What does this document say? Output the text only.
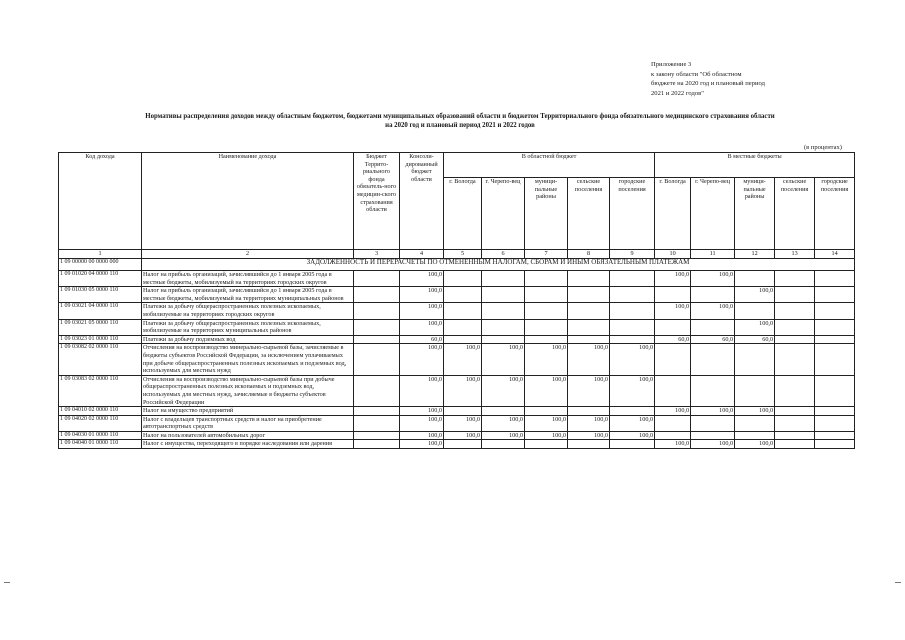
Приложение 3
к закону области "Об областном
бюджете на 2020 год и плановый период
2021 и 2022 годов"
Нормативы распределения доходов между областным бюджетом, бюджетами муниципальных образований области и бюджетом Территориального фонда обязательного медицинского страхования области
на 2020 год и плановый период 2021 и 2022 годов
(в процентах)
Код дохода	Наименование дохода	Бюджет Террито-риального фонда обязатель-ного медицин-ского страхования области	Консоли-дированный бюджет области	В областной бюджет					В местные бюджеты				
				г. Вологда	г. Черепо-вец	муници-пальные районы	сельские поселения	городские поселения	г. Вологда	г. Черепо-вец	муници-пальные районы	сельские поселения	городские поселения
1	2	3	4	5	6	7	8	9	10	11	12	13	14
1 09 00000 00 0000 000	ЗАДОЛЖЕННОСТЬ И ПЕРЕРАСЧЕТЫ ПО ОТМЕНЕННЫМ НАЛОГАМ, СБОРАМ И ИНЫМ ОБЯЗАТЕЛЬНЫМ ПЛАТЕЖАМ												
1 09 01020 04 0000 110	Налог на прибыль организаций, зачислявшийся до 1 января 2005 года в местные бюджеты, мобилизуемый на территориях городских округов		100,0						100,0	100,0			
1 09 01030 05 0000 110	Налог на прибыль организаций, зачислявшийся до 1 января 2005 года в местные бюджеты, мобилизуемый на территориях муниципальных районов		100,0								100,0		
1 09 03021 04 0000 110	Платежи за добычу общераспространенных полезных ископаемых, мобилизуемые на территориях городских округов		100,0						100,0	100,0			
1 09 03021 05 0000 110	Платежи за добычу общераспространенных полезных ископаемых, мобилизуемые на территориях муниципальных районов		100,0								100,0		
1 09 03023 01 0000 110	Платежи за добычу подземных вод		60,0						60,0	60,0	60,0		
1 09 03082 02 0000 110	Отчисления на воспроизводство минерально-сырьевой базы, зачисляемые в бюджеты субъектов Российской Федерации, за исключением уплачиваемых при добыче общераспространенных полезных ископаемых и подземных вод, используемых для местных нужд		100,0	100,0	100,0	100,0	100,0	100,0					
1 09 03083 02 0000 110	Отчисления на воспроизводство минерально-сырьевой базы при добыче общераспространенных полезных ископаемых и подземных вод, используемых для местных нужд, зачисляемые в бюджеты субъектов Российской Федерации		100,0	100,0	100,0	100,0	100,0	100,0					
1 09 04010 02 0000 110	Налог на имущество предприятий		100,0						100,0	100,0	100,0		
1 09 04020 02 0000 110	Налог с владельцев транспортных средств и налог на приобретение автотранспортных средств		100,0	100,0	100,0	100,0	100,0	100,0					
1 09 04030 01 0000 110	Налог на пользователей автомобильных дорог		100,0	100,0	100,0	100,0	100,0	100,0					
1 09 04040 01 0000 110	Налог с имущества, переходящего в порядке наследования или дарения		100,0						100,0	100,0	100,0		
